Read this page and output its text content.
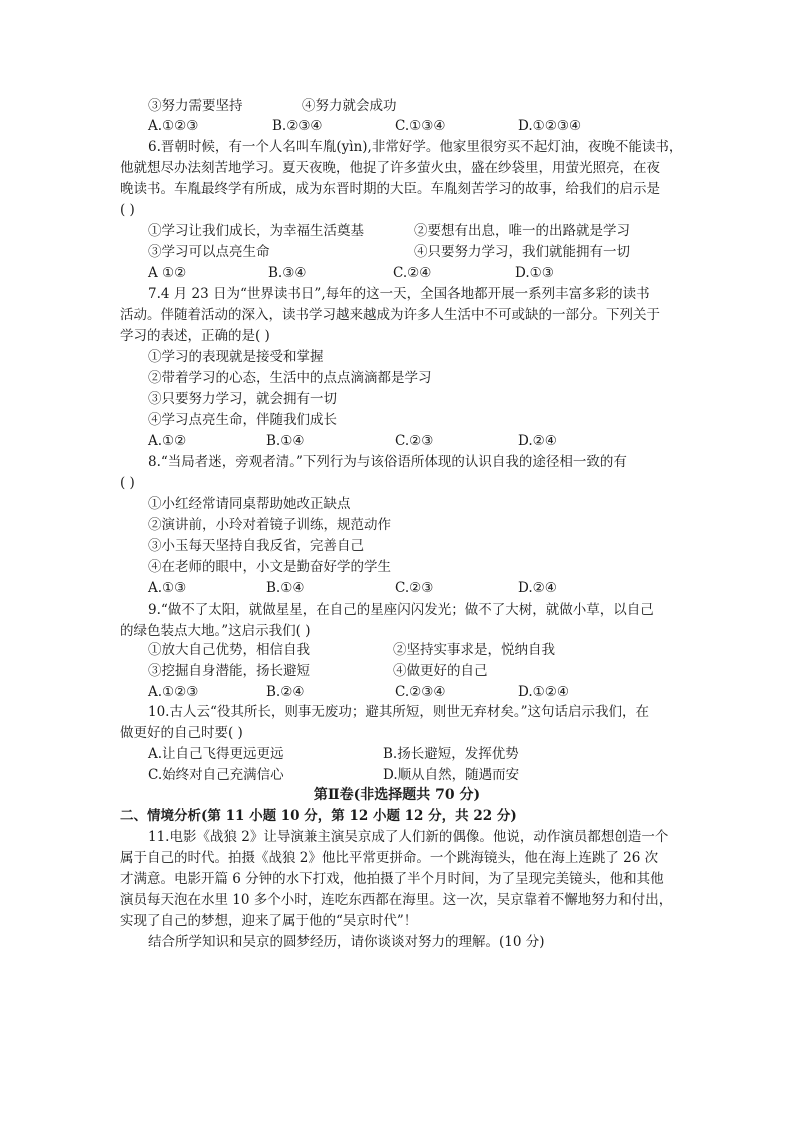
③努力需要坚持	④努力就会成功
A.①②③	B.②③④	C.①③④	D.①②③④
6.晋朝时候，有一个人名叫车胤(yìn),非常好学。他家里很穷买不起灯油，夜晚不能读书，
他就想尽办法刻苦地学习。夏天夜晚，他捉了许多萤火虫，盛在纱袋里，用萤光照亮，在夜
晚读书。车胤最终学有所成，成为东晋时期的大臣。车胤刻苦学习的故事，给我们的启示是
( )
①学习让我们成长，为幸福生活奠基	②要想有出息，唯一的出路就是学习
③学习可以点亮生命	④只要努力学习，我们就能拥有一切
A ①②	B.③④	C.②④	D.①③
7.4 月 23 日为“世界读书日”,每年的这一天，全国各地都开展一系列丰富多彩的读书
活动。伴随着活动的深入，读书学习越来越成为许多人生活中不可或缺的一部分。下列关于
学习的表述，正确的是( )
①学习的表现就是接受和掌握
②带着学习的心态，生活中的点点滴滴都是学习
③只要努力学习，就会拥有一切
④学习点亮生命，伴随我们成长
A.①②	B.①④	C.②③	D.②④
8.“当局者迷，旁观者清。”下列行为与该俗语所体现的认识自我的途径相一致的有
( )
①小红经常请同桌帮助她改正缺点
②演讲前，小玲对着镜子训练，规范动作
③小玉每天坚持自我反省，完善自己
④在老师的眼中，小文是勤奋好学的学生
A.①③	B.①④	C.②③	D.②④
9.“做不了太阳，就做星星，在自己的星座闪闪发光；做不了大树，就做小草，以自己
的绿色装点大地。”这启示我们( )
①放大自己优势，相信自我	②坚持实事求是，悦纳自我
③挖掘自身潜能，扬长避短	④做更好的自己
A.①②③	B.②④	C.②③④	D.①②④
10.古人云“役其所长，则事无废功；避其所短，则世无弃材矣。”这句话启示我们，在
做更好的自己时要( )
A.让自己飞得更远更远	B.扬长避短，发挥优势
C.始终对自己充满信心	D.顺从自然，随遇而安
第Ⅱ卷(非选择题共 70 分)
二、情境分析(第 11 小题 10 分，第 12 小题 12 分，共 22 分)
11.电影《战狼 2》让导演兼主演吴京成了人们新的偶像。他说，动作演员都想创造一个
属于自己的时代。拍摄《战狼 2》他比平常更拼命。一个跳海镜头，他在海上连跳了 26 次
才满意。电影开篇 6 分钟的水下打戏，他拍摄了半个月时间，为了呈现完美镜头，他和其他
演员每天泡在水里 10 多个小时，连吃东西都在海里。这一次，吴京靠着不懈地努力和付出，
实现了自己的梦想，迎来了属于他的“吴京时代”！
结合所学知识和吴京的圆梦经历，请你谈谈对努力的理解。(10 分)
